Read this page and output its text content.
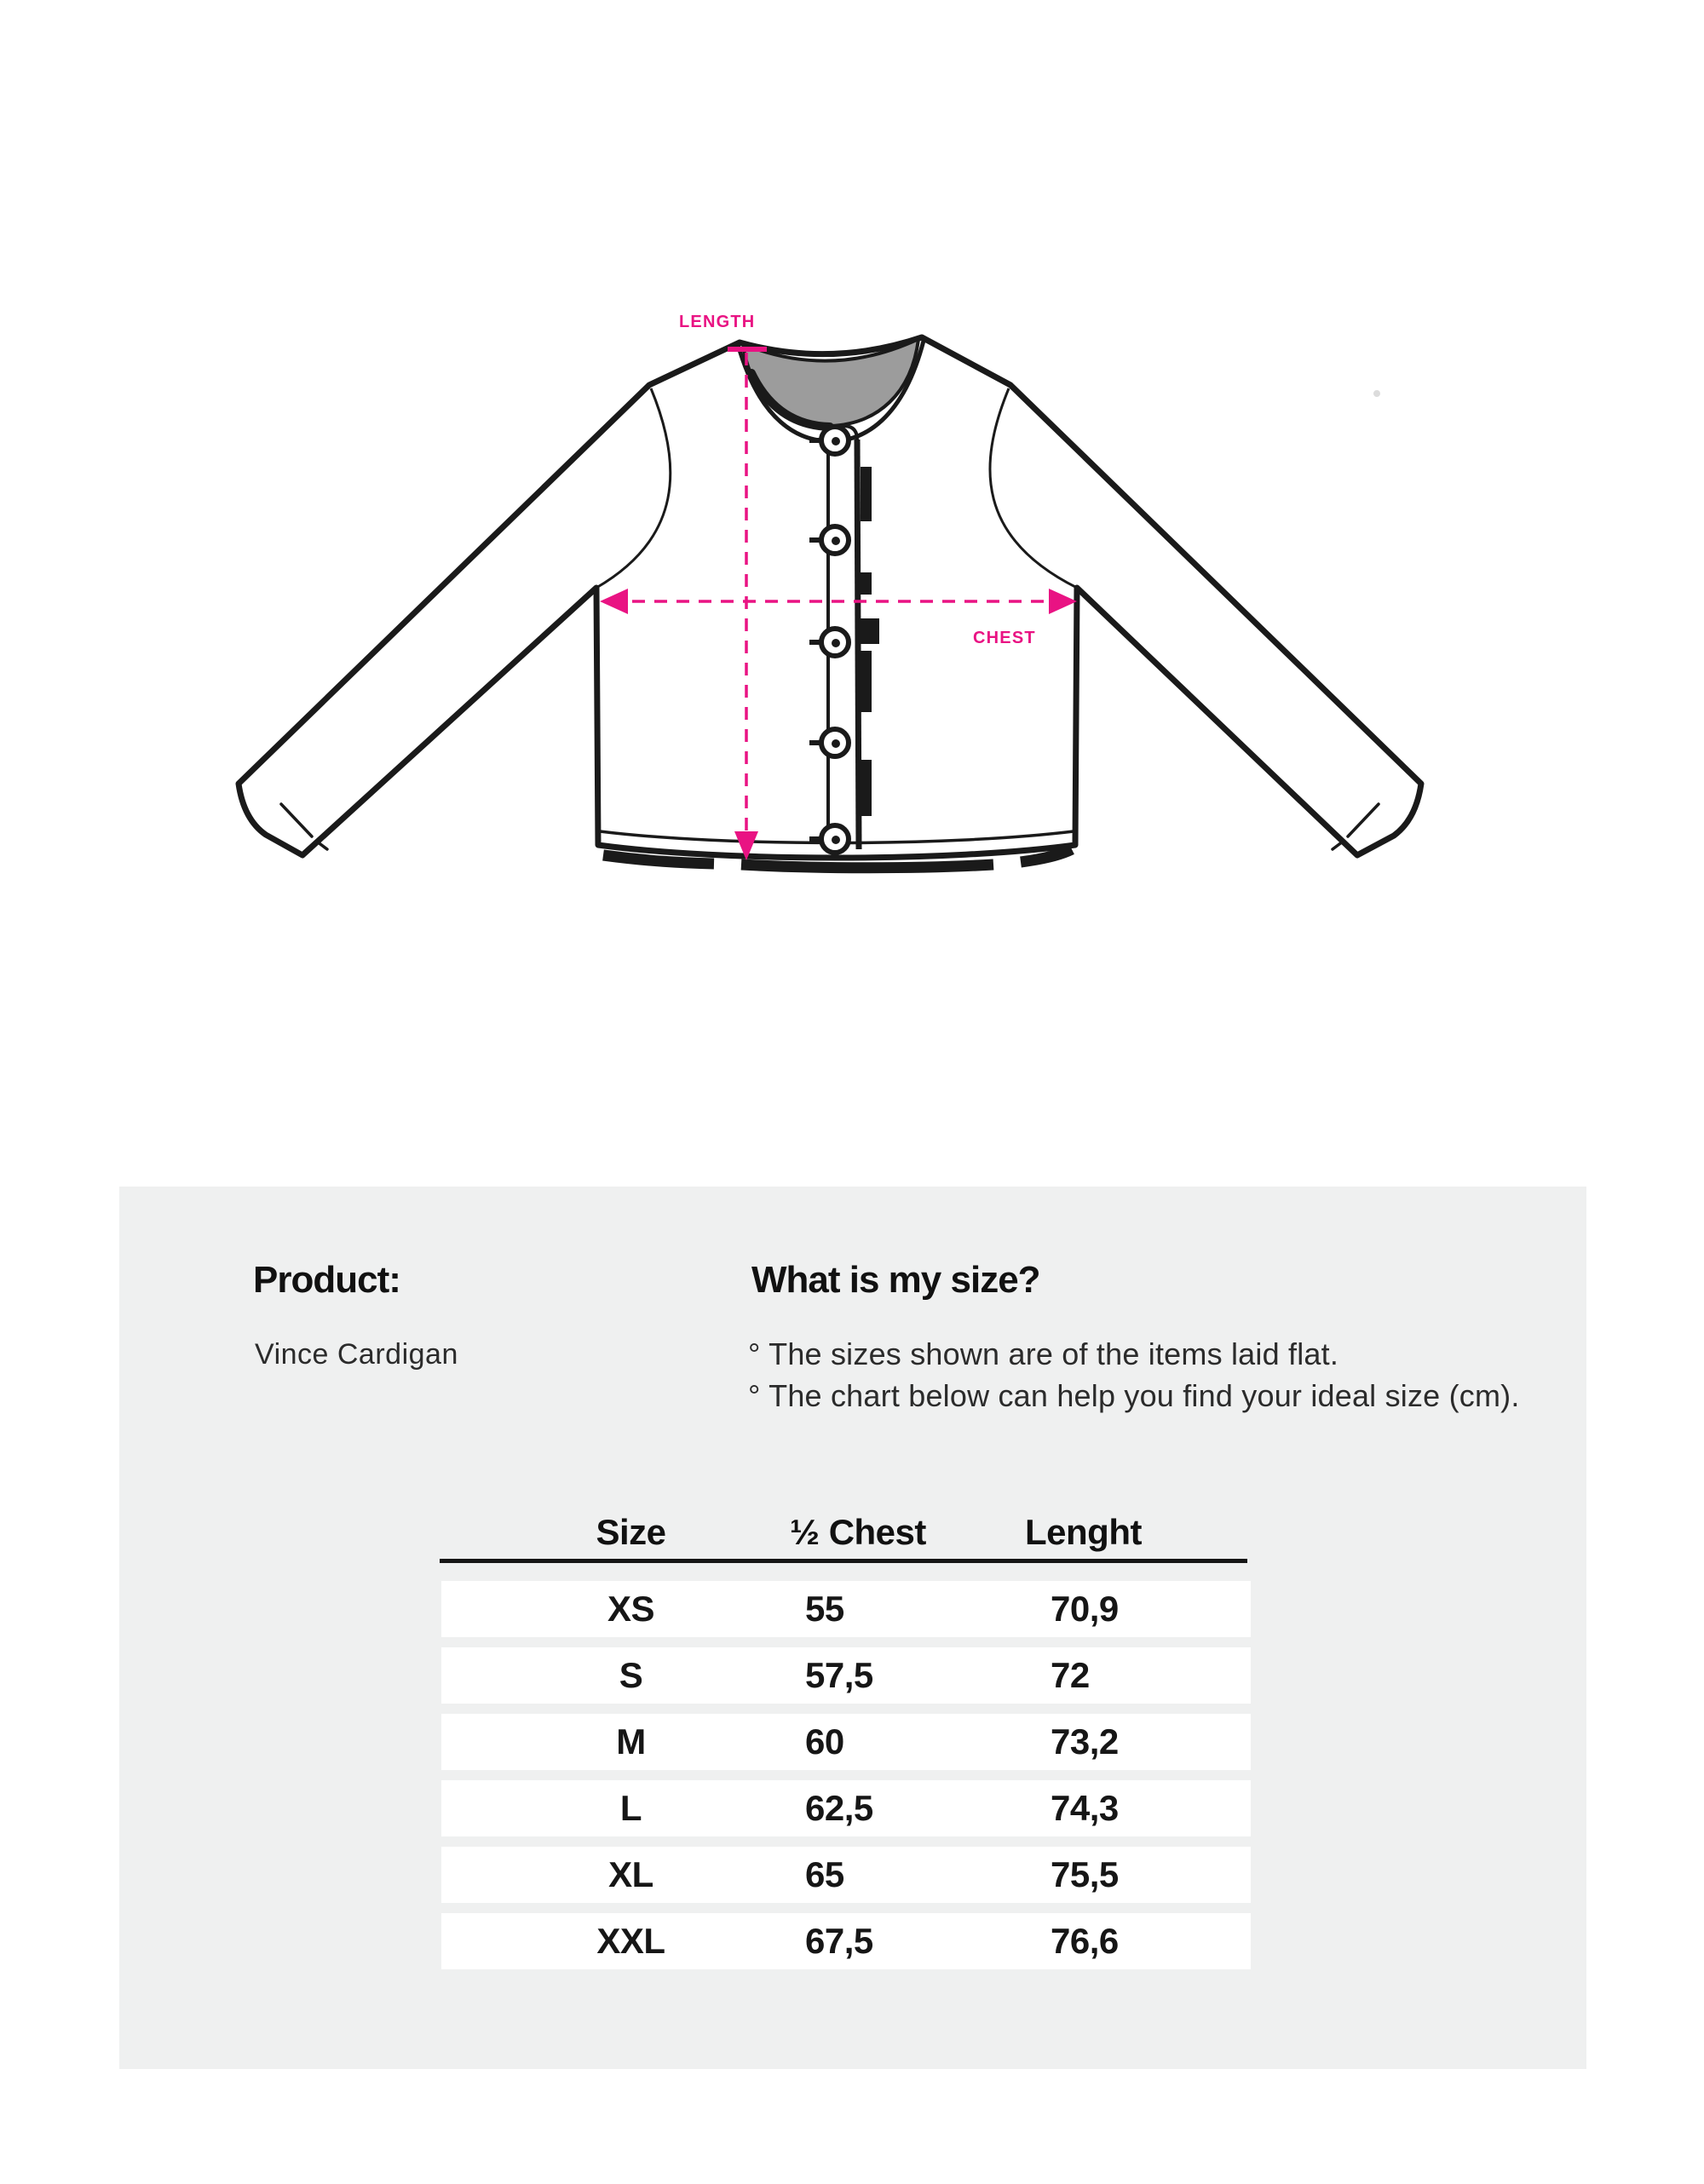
LENGTH
CHEST
Product:
Vince Cardigan
What is my size?
° The sizes shown are of the items laid flat.
° The chart below can help you find your ideal size (cm).
Size	½ Chest	Lenght
XS	55	70,9
S	57,5	72
M	60	73,2
L	62,5	74,3
XL	65	75,5
XXL	67,5	76,6
